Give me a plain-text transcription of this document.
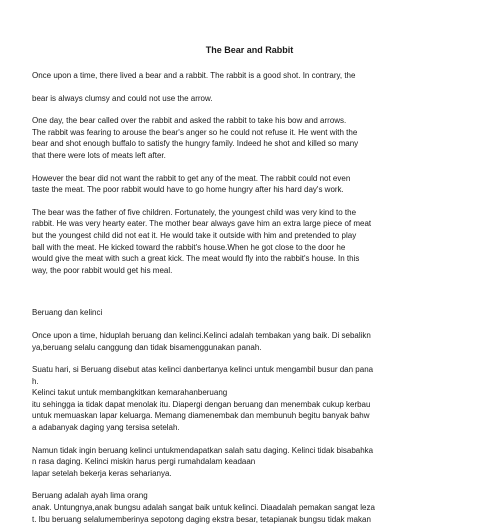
The Bear and Rabbit

Once upon a time, there lived a bear and a rabbit. The rabbit is a good shot. In contrary, the

bear is always clumsy and could not use the arrow.

One day, the bear called over the rabbit and asked the rabbit to take his bow and arrows.

The rabbit was fearing to arouse the bear's anger so he could not refuse it. He went with the

bear and shot enough buffalo to satisfy the hungry family. Indeed he shot and killed so many

that there were lots of meats left after.

However the bear did not want the rabbit to get any of the meat. The rabbit could not even

taste the meat. The poor rabbit would have to go home hungry after his hard day's work.

The bear was the father of five children. Fortunately, the youngest child was very kind to the

rabbit. He was very hearty eater. The mother bear always gave him an extra large piece of meat

but the youngest child did not eat it. He would take it outside with him and pretended to play

ball with the meat. He kicked toward the rabbit's house.When he got close to the door he

would give the meat with such a great kick. The meat would fly into the rabbit's house. In this

way, the poor rabbit would get his meal.

Beruang dan kelinci

Once upon a time, hiduplah beruang dan kelinci.Kelinci adalah tembakan yang baik. Di sebalikn

ya,beruang selalu canggung dan tidak bisamenggunakan panah.

Suatu hari, si Beruang disebut atas kelinci danbertanya kelinci untuk mengambil busur dan pana

h.

Kelinci takut untuk membangkitkan kemarahanberuang

itu sehingga ia tidak dapat menolak itu. Diapergi dengan beruang dan menembak cukup kerbau

untuk memuaskan lapar keluarga. Memang diamenembak dan membunuh begitu banyak bahw

a adabanyak daging yang tersisa setelah.

Namun tidak ingin beruang kelinci untukmendapatkan salah satu daging. Kelinci tidak bisabahka

n rasa daging. Kelinci miskin harus pergi rumahdalam keadaan

lapar setelah bekerja keras seharianya.

Beruang adalah ayah lima orang

anak. Untungnya,anak bungsu adalah sangat baik untuk kelinci. Diaadalah pemakan sangat leza

t. Ibu beruang selalumemberinya sepotong daging ekstra besar, tetapianak bungsu tidak makan
